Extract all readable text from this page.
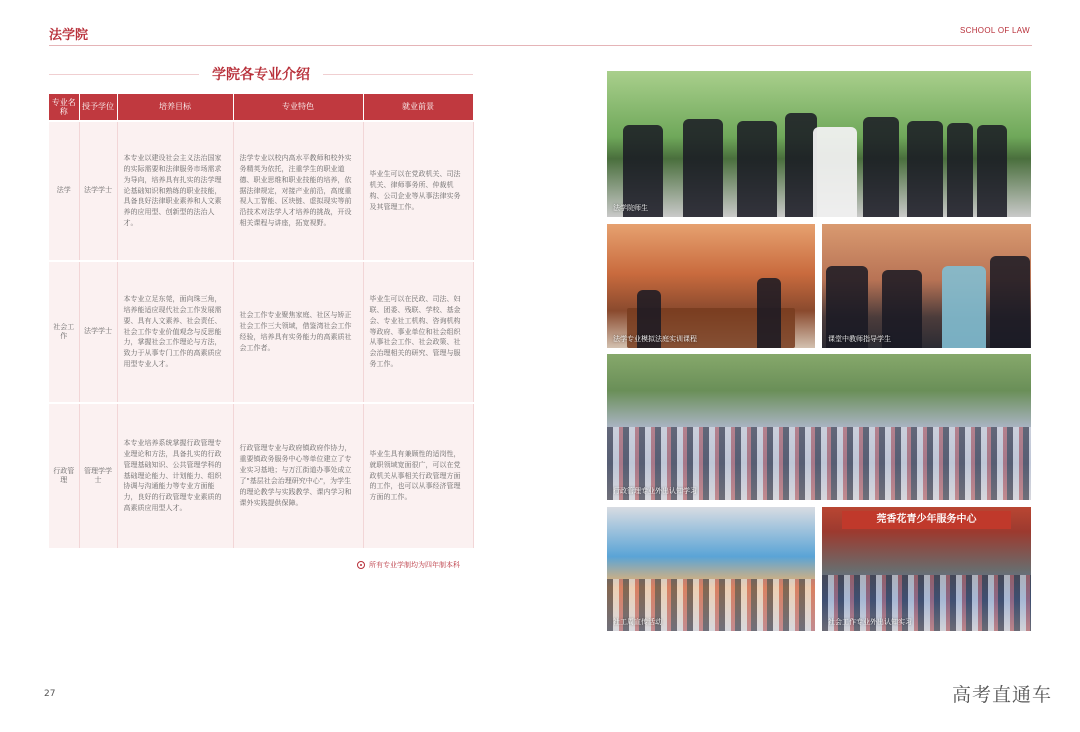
法学院	SCHOOL OF LAW
学院各专业介绍
专业名称	授予学位	培养目标	专业特色	就业前景
法学	法学学士	本专业以建设社会主义法治国家的实际需要和法律服务市场需求为导向，培养具有扎实的法学理论基础知识和熟练的职业技能，具备良好法律职业素养和人文素养的应用型、创新型的法治人才。	法学专业以校内高水平教师和校外实务精英为依托，注重学生的职业道德、职业思维和职业技能的培养，依据法律规定，对接产业前沿，高度重视人工智能、区块链、虚拟现实等前沿技术对法学人才培养的挑战，开设相关课程与讲座，拓宽视野。	毕业生可以在党政机关、司法机关、律师事务所、仲裁机构、公司企业等从事法律实务及其管理工作。
社会工作	法学学士	本专业立足东莞，面向珠三角，培养能适应现代社会工作发展需要、具有人文素养、社会责任、社会工作专业价值观念与反思能力，掌握社会工作理论与方法，致力于从事专门工作的高素质应用型专业人才。	社会工作专业聚焦家庭、社区与矫正社会工作三大领域，借鉴湾社会工作经验，培养具有实务能力的高素质社会工作者。	毕业生可以在民政、司法、妇联、团委、残联、学校、基金会、专业社工机构、咨询机构等政府、事业单位和社会组织从事社会工作、社会政策、社会治理相关的研究、管理与服务工作。
行政管理	管理学学士	本专业培养系统掌握行政管理专业理论和方法，具备扎实的行政管理基础知识、公共管理学科的基础理论能力、计划能力、组织协调与沟通能力等专业方面能力，良好的行政管理专业素质的高素质应用型人才。	行政管理专业与政府镇政府作协力，重要镇政务服务中心等单位建立了专业实习基地；与万江街道办事处成立了"基层社会治理研究中心"，为学生的理论教学与实践教学、课内学习和课外实践提供保障。	毕业生具有兼顾性的适岗性，就职领域宽面很广，可以在党政机关从事相关行政管理方面的工作，也可以从事经济管理方面的工作。
所有专业学制均为四年制本科
法学院师生
法学专业模拟法庭实训课程	课堂中教师指导学生
行政管理专业外出认知学习
社工周宣传活动
莞香花青少年服务中心
社会工作专业外出认知实习
27	高考直通车
